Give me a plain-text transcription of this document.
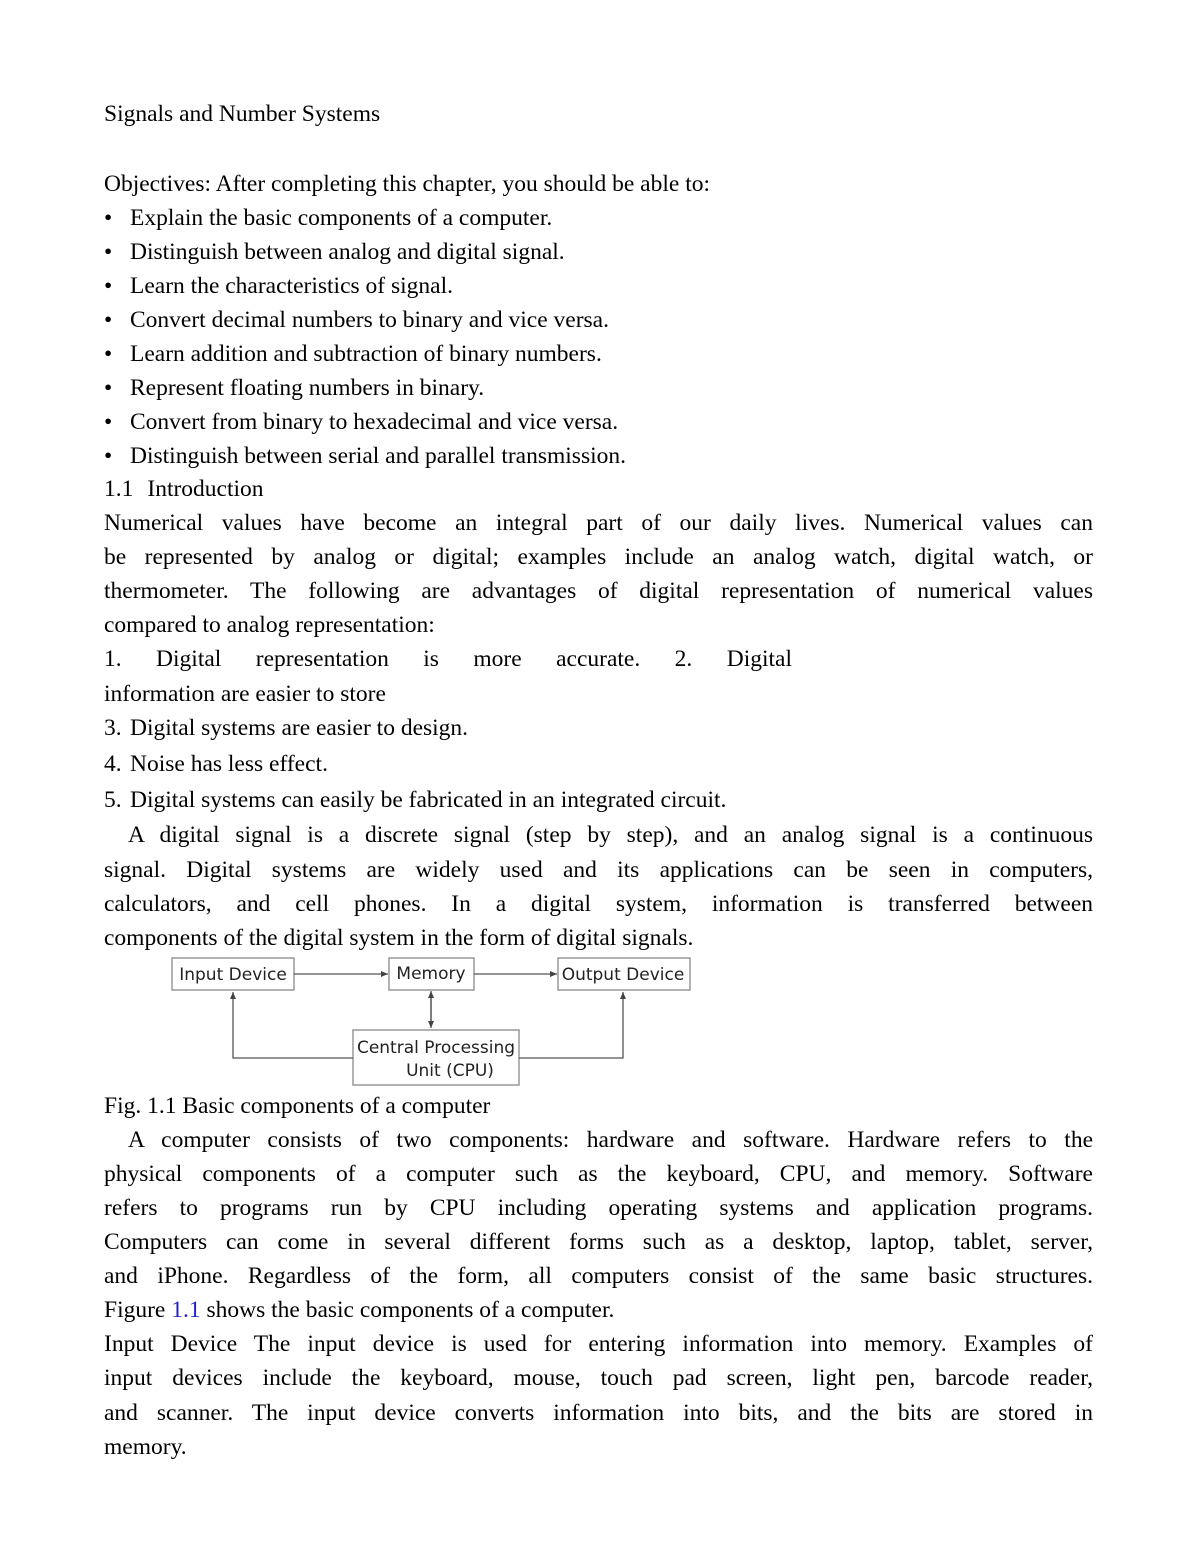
Signals and Number Systems
Objectives: After completing this chapter, you should be able to:
• Explain the basic components of a computer.
• Distinguish between analog and digital signal.
• Learn the characteristics of signal.
• Convert decimal numbers to binary and vice versa.
• Learn addition and subtraction of binary numbers.
• Represent floating numbers in binary.
• Convert from binary to hexadecimal and vice versa.
• Distinguish between serial and parallel transmission.
1.1 Introduction
Numerical values have become an integral part of our daily lives. Numerical values can
be represented by analog or digital; examples include an analog watch, digital watch, or
thermometer. The following are advantages of digital representation of numerical values
compared to analog representation:
1. Digital representation is more accurate. 2. Digital
information are easier to store
3. Digital systems are easier to design.
4. Noise has less effect.
5. Digital systems can easily be fabricated in an integrated circuit.
A digital signal is a discrete signal (step by step), and an analog signal is a continuous
signal. Digital systems are widely used and its applications can be seen in computers,
calculators, and cell phones. In a digital system, information is transferred between
components of the digital system in the form of digital signals.
Input Device	Memory	Output Device
Central Processing
Unit (CPU)
Fig. 1.1 Basic components of a computer
A computer consists of two components: hardware and software. Hardware refers to the
physical components of a computer such as the keyboard, CPU, and memory. Software
refers to programs run by CPU including operating systems and application programs.
Computers can come in several different forms such as a desktop, laptop, tablet, server,
and iPhone. Regardless of the form, all computers consist of the same basic structures.
Figure 1.1 shows the basic components of a computer.
Input Device The input device is used for entering information into memory. Examples of
input devices include the keyboard, mouse, touch pad screen, light pen, barcode reader,
and scanner. The input device converts information into bits, and the bits are stored in
memory.
